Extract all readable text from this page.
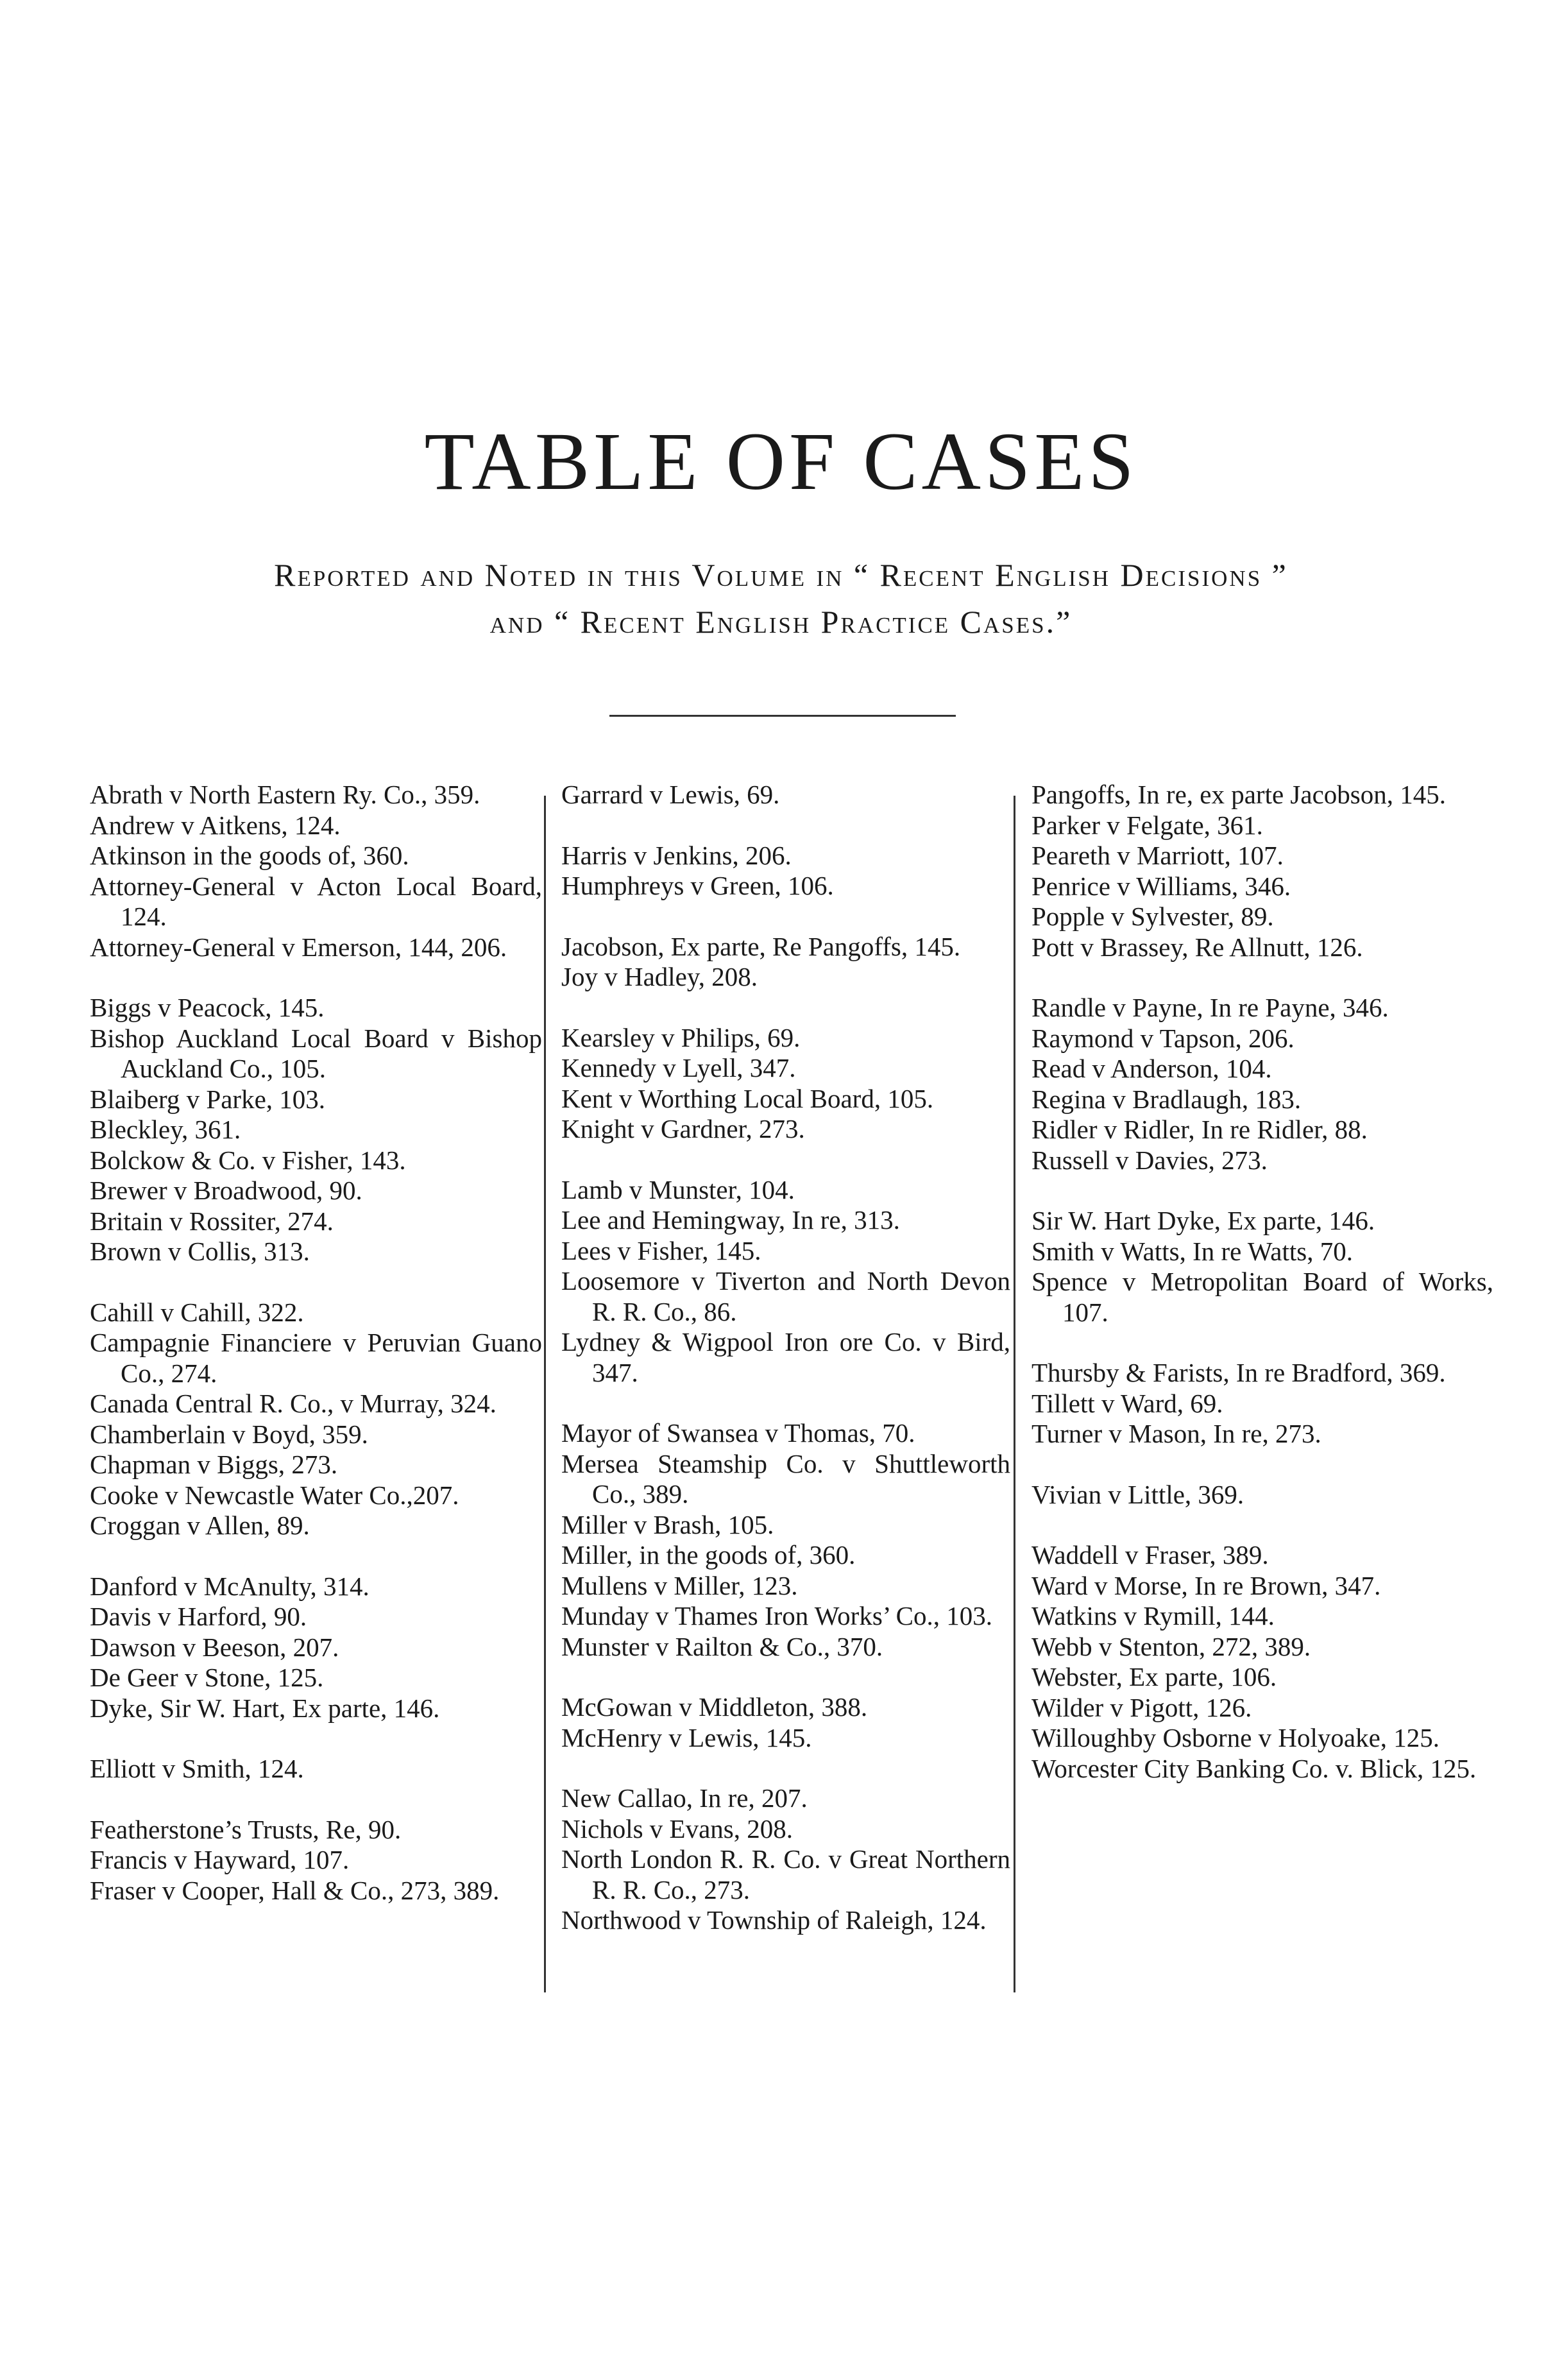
TABLE OF CASES
Reported and Noted in this Volume in “ Recent English Decisions ”
and “ Recent English Practice Cases.”
Abrath v North Eastern Ry. Co., 359.
Andrew v Aitkens, 124.
Atkinson in the goods of, 360.
Attorney-General v Acton Local Board, 124.
Attorney-General v Emerson, 144, 206.
Biggs v Peacock, 145.
Bishop Auckland Local Board v Bishop Auckland Co., 105.
Blaiberg v Parke, 103.
Bleckley, 361.
Bolckow & Co. v Fisher, 143.
Brewer v Broadwood, 90.
Britain v Rossiter, 274.
Brown v Collis, 313.
Cahill v Cahill, 322.
Campagnie Financiere v Peruvian Guano Co., 274.
Canada Central R. Co., v Murray, 324.
Chamberlain v Boyd, 359.
Chapman v Biggs, 273.
Cooke v Newcastle Water Co.,207.
Croggan v Allen, 89.
Danford v McAnulty, 314.
Davis v Harford, 90.
Dawson v Beeson, 207.
De Geer v Stone, 125.
Dyke, Sir W. Hart, Ex parte, 146.
Elliott v Smith, 124.
Featherstone’s Trusts, Re, 90.
Francis v Hayward, 107.
Fraser v Cooper, Hall & Co., 273, 389.
Garrard v Lewis, 69.
Harris v Jenkins, 206.
Humphreys v Green, 106.
Jacobson, Ex parte, Re Pangoffs, 145.
Joy v Hadley, 208.
Kearsley v Philips, 69.
Kennedy v Lyell, 347.
Kent v Worthing Local Board, 105.
Knight v Gardner, 273.
Lamb v Munster, 104.
Lee and Hemingway, In re, 313.
Lees v Fisher, 145.
Loosemore v Tiverton and North Devon R. R. Co., 86.
Lydney & Wigpool Iron ore Co. v Bird, 347.
Mayor of Swansea v Thomas, 70.
Mersea Steamship Co. v Shuttleworth Co., 389.
Miller v Brash, 105.
Miller, in the goods of, 360.
Mullens v Miller, 123.
Munday v Thames Iron Works’ Co., 103.
Munster v Railton & Co., 370.
McGowan v Middleton, 388.
McHenry v Lewis, 145.
New Callao, In re, 207.
Nichols v Evans, 208.
North London R. R. Co. v Great Northern R. R. Co., 273.
Northwood v Township of Raleigh, 124.
Pangoffs, In re, ex parte Jacobson, 145.
Parker v Felgate, 361.
Peareth v Marriott, 107.
Penrice v Williams, 346.
Popple v Sylvester, 89.
Pott v Brassey, Re Allnutt, 126.
Randle v Payne, In re Payne, 346.
Raymond v Tapson, 206.
Read v Anderson, 104.
Regina v Bradlaugh, 183.
Ridler v Ridler, In re Ridler, 88.
Russell v Davies, 273.
Sir W. Hart Dyke, Ex parte, 146.
Smith v Watts, In re Watts, 70.
Spence v Metropolitan Board of Works, 107.
Thursby & Farists, In re Bradford, 369.
Tillett v Ward, 69.
Turner v Mason, In re, 273.
Vivian v Little, 369.
Waddell v Fraser, 389.
Ward v Morse, In re Brown, 347.
Watkins v Rymill, 144.
Webb v Stenton, 272, 389.
Webster, Ex parte, 106.
Wilder v Pigott, 126.
Willoughby Osborne v Holyoake, 125.
Worcester City Banking Co. v. Blick, 125.
